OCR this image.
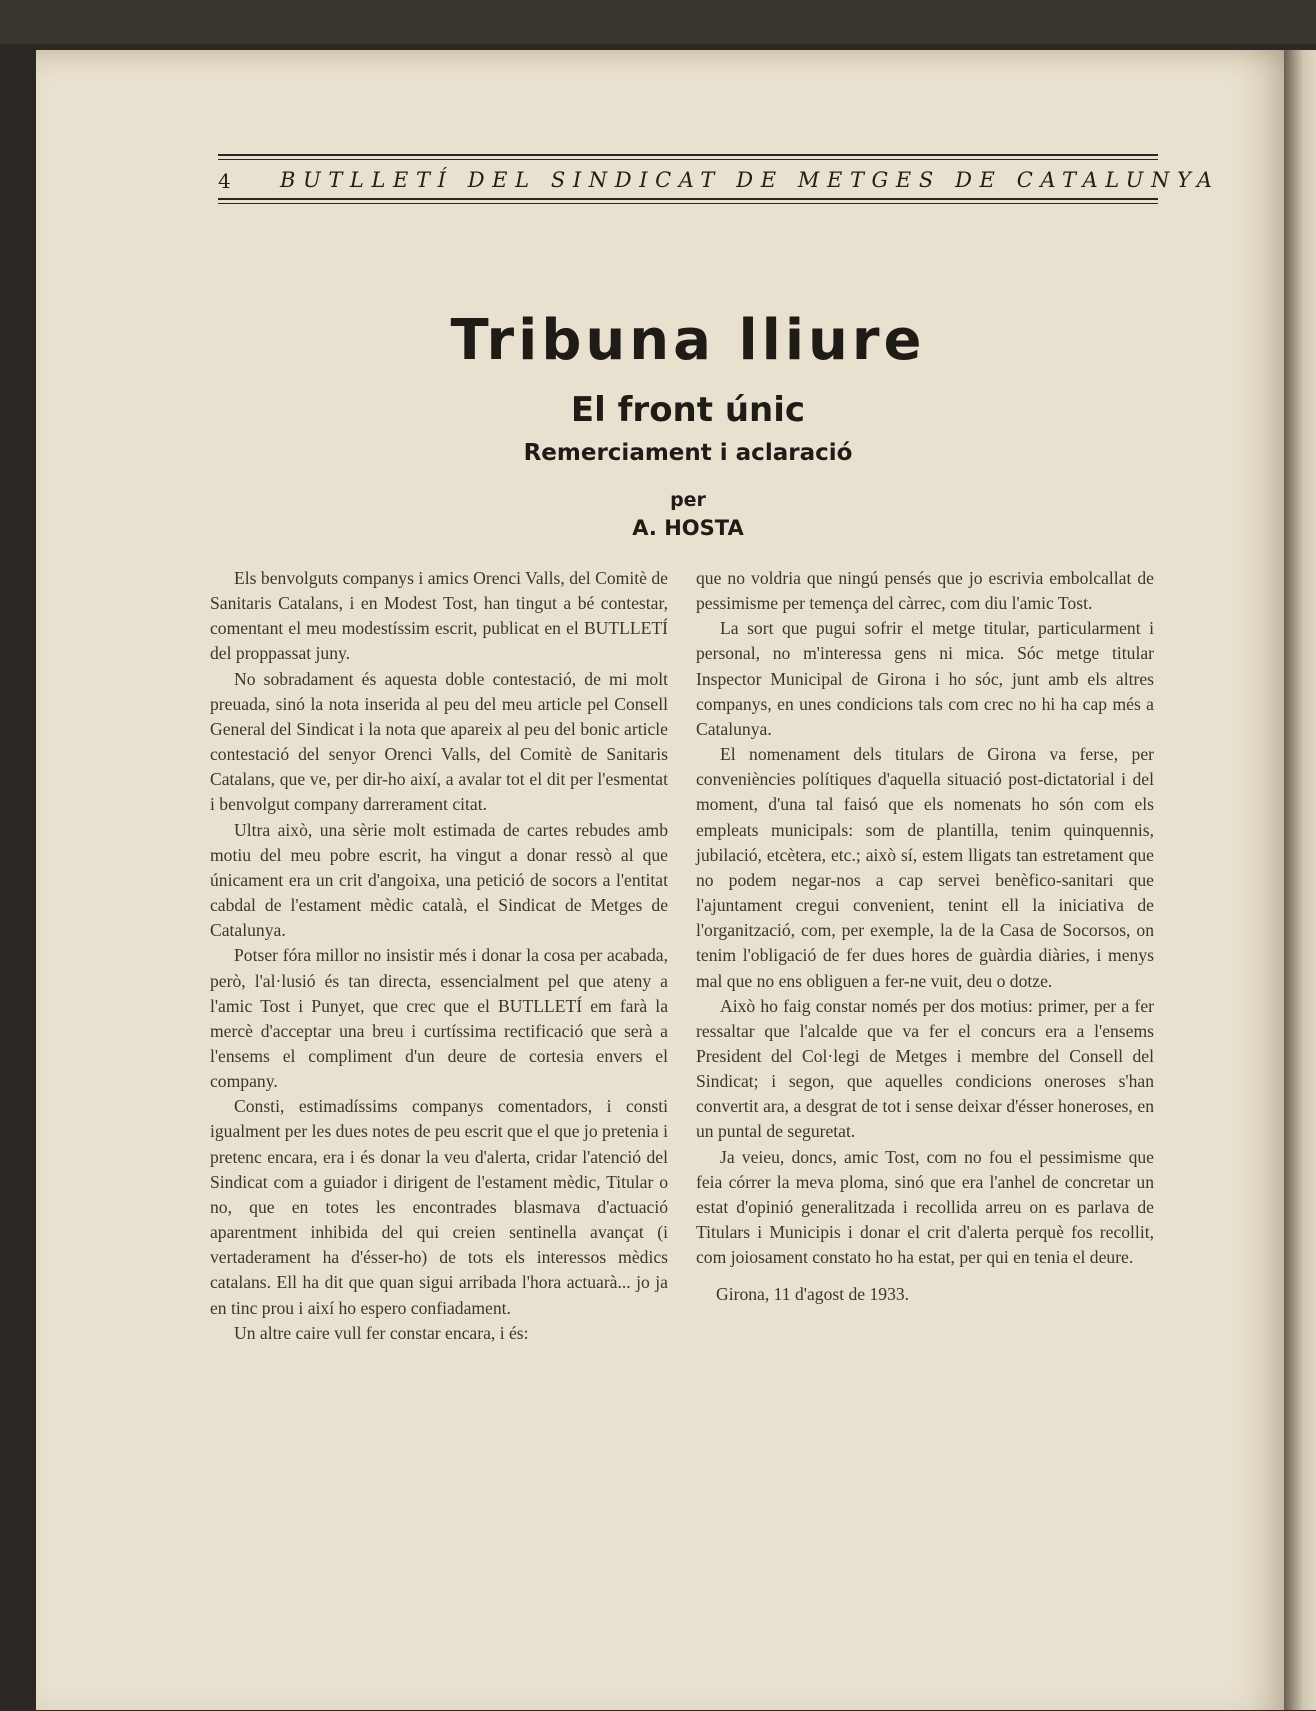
4 BUTLLETÍ DEL SINDICAT DE METGES DE CATALUNYA
Tribuna lliure
El front únic
Remerciament i aclaració
per
A. HOSTA

Els benvolguts companys i amics Orenci Valls, del Comitè de Sanitaris Catalans, i en Modest Tost, han tingut a bé contestar, comentant el meu modestíssim escrit, publicat en el BUTLLETÍ del proppassat juny.

No sobradament és aquesta doble contestació, de mi molt preuada, sinó la nota inserida al peu del meu article pel Consell General del Sindicat i la nota que apareix al peu del bonic article contestació del senyor Orenci Valls, del Comitè de Sanitaris Catalans, que ve, per dir-ho així, a avalar tot el dit per l'esmentat i benvolgut company darrerament citat.

Ultra això, una sèrie molt estimada de cartes rebudes amb motiu del meu pobre escrit, ha vingut a donar ressò al que únicament era un crit d'angoixa, una petició de socors a l'entitat cabdal de l'estament mèdic català, el Sindicat de Metges de Catalunya.

Potser fóra millor no insistir més i donar la cosa per acabada, però, l'al·lusió és tan directa, essencialment pel que ateny a l'amic Tost i Punyet, que crec que el BUTLLETÍ em farà la mercè d'acceptar una breu i curtíssima rectificació que serà a l'ensems el compliment d'un deure de cortesia envers el company.

Consti, estimadíssims companys comentadors, i consti igualment per les dues notes de peu escrit que el que jo pretenia i pretenc encara, era i és donar la veu d'alerta, cridar l'atenció del Sindicat com a guiador i dirigent de l'estament mèdic, Titular o no, que en totes les encontrades blasmava d'actuació aparentment inhibida del qui creien sentinella avançat (i vertaderament ha d'ésser-ho) de tots els interessos mèdics catalans. Ell ha dit que quan sigui arribada l'hora actuarà... jo ja en tinc prou i així ho espero confiadament.

Un altre caire vull fer constar encara, i és:

que no voldria que ningú pensés que jo escrivia embolcallat de pessimisme per temença del càrrec, com diu l'amic Tost.

La sort que pugui sofrir el metge titular, particularment i personal, no m'interessa gens ni mica. Sóc metge titular Inspector Municipal de Girona i ho sóc, junt amb els altres companys, en unes condicions tals com crec no hi ha cap més a Catalunya.

El nomenament dels titulars de Girona va ferse, per conveniències polítiques d'aquella situació post-dictatorial i del moment, d'una tal faisó que els nomenats ho són com els empleats municipals: som de plantilla, tenim quinquennis, jubilació, etcètera, etc.; això sí, estem lligats tan estretament que no podem negar-nos a cap servei benèfico-sanitari que l'ajuntament cregui convenient, tenint ell la iniciativa de l'organització, com, per exemple, la de la Casa de Socorsos, on tenim l'obligació de fer dues hores de guàrdia diàries, i menys mal que no ens obliguen a fer-ne vuit, deu o dotze.

Això ho faig constar només per dos motius: primer, per a fer ressaltar que l'alcalde que va fer el concurs era a l'ensems President del Col·legi de Metges i membre del Consell del Sindicat; i segon, que aquelles condicions oneroses s'han convertit ara, a desgrat de tot i sense deixar d'ésser honeroses, en un puntal de seguretat.

Ja veieu, doncs, amic Tost, com no fou el pessimisme que feia córrer la meva ploma, sinó que era l'anhel de concretar un estat d'opinió generalitzada i recollida arreu on es parlava de Titulars i Municipis i donar el crit d'alerta perquè fos recollit, com joiosament constato ho ha estat, per qui en tenia el deure.

Girona, 11 d'agost de 1933.
